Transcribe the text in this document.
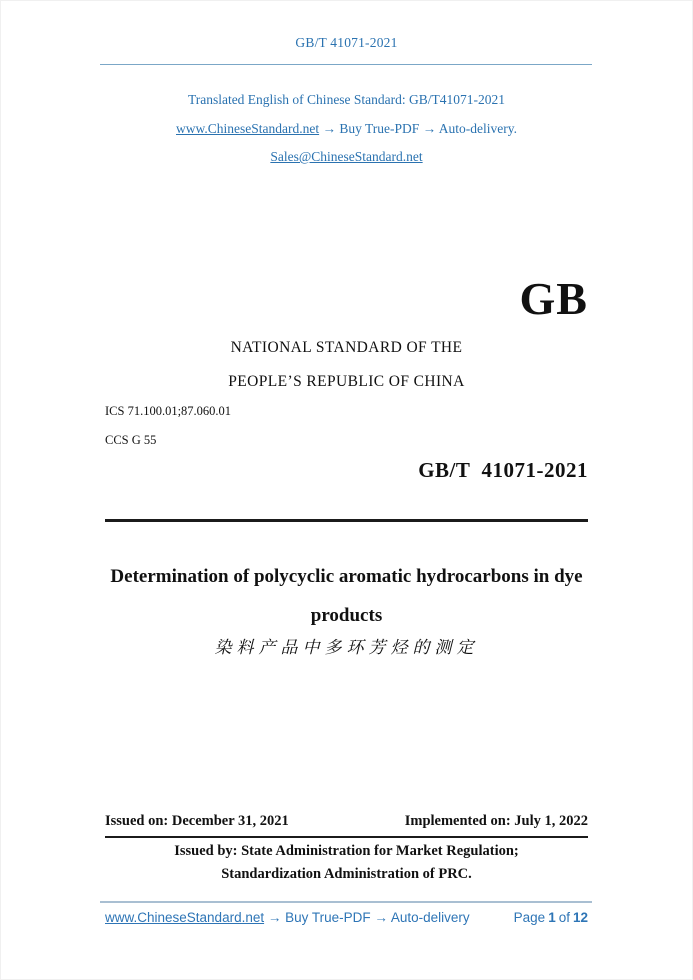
GB/T 41071-2021
Translated English of Chinese Standard: GB/T41071-2021
www.ChineseStandard.net → Buy True-PDF → Auto-delivery.
Sales@ChineseStandard.net
GB
NATIONAL STANDARD OF THE
PEOPLE’S REPUBLIC OF CHINA
ICS 71.100.01;87.060.01
CCS G 55
GB/T  41071-2021
Determination of polycyclic aromatic hydrocarbons in dye
products
染料产品中多环芳烃的测定
Issued on: December 31, 2021	Implemented on: July 1, 2022
Issued by: State Administration for Market Regulation;
Standardization Administration of PRC.
www.ChineseStandard.net → Buy True-PDF → Auto-delivery	Page 1 of 12
